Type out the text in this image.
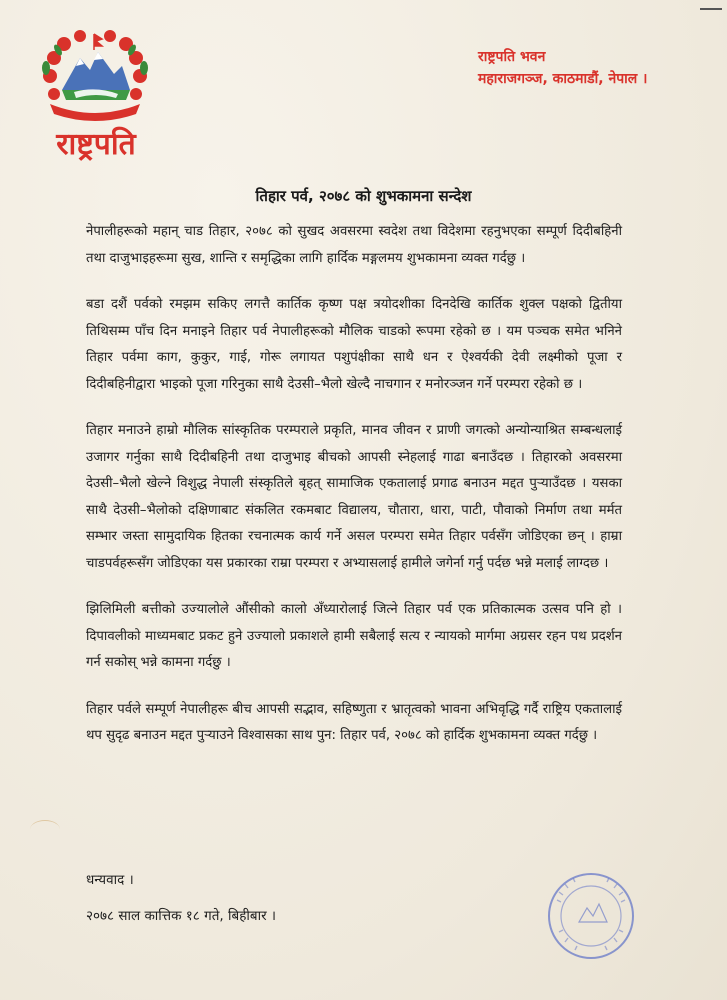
राष्ट्रपति
राष्ट्रपति भवन
महाराजगञ्ज, काठमाडौं, नेपाल ।
तिहार पर्व, २०७८ को शुभकामना सन्देश

नेपालीहरूको महान् चाड तिहार, २०७८ को सुखद अवसरमा स्वदेश तथा विदेशमा रहनुभएका सम्पूर्ण दिदीबहिनी तथा दाजुभाइहरूमा सुख, शान्ति र समृद्धिका लागि हार्दिक मङ्गलमय शुभकामना व्यक्त गर्दछु ।

बडा दशैं पर्वको रमझम सकिए लगत्तै कार्तिक कृष्ण पक्ष त्रयोदशीका दिनदेखि कार्तिक शुक्ल पक्षको द्वितीया तिथिसम्म पाँच दिन मनाइने तिहार पर्व नेपालीहरूको मौलिक चाडको रूपमा रहेको छ । यम पञ्चक समेत भनिने तिहार पर्वमा काग, कुकुर, गाई, गोरू लगायत पशुपंक्षीका साथै धन र ऐश्वर्यकी देवी लक्ष्मीको पूजा र दिदीबहिनीद्वारा भाइको पूजा गरिनुका साथै देउसी–भैलो खेल्दै नाचगान र मनोरञ्जन गर्ने परम्परा रहेको छ ।

तिहार मनाउने हाम्रो मौलिक सांस्कृतिक परम्पराले प्रकृति, मानव जीवन र प्राणी जगत्को अन्योन्याश्रित सम्बन्धलाई उजागर गर्नुका साथै दिदीबहिनी तथा दाजुभाइ बीचको आपसी स्नेहलाई गाढा बनाउँदछ । तिहारको अवसरमा देउसी–भैलो खेल्ने विशुद्ध नेपाली संस्कृतिले बृहत् सामाजिक एकतालाई प्रगाढ बनाउन मद्दत पुऱ्याउँदछ । यसका साथै देउसी–भैलोको दक्षिणाबाट संकलित रकमबाट विद्यालय, चौतारा, धारा, पाटी, पौवाको निर्माण तथा मर्मत सम्भार जस्ता सामुदायिक हितका रचनात्मक कार्य गर्ने असल परम्परा समेत तिहार पर्वसँग जोडिएका छन् । हाम्रा चाडपर्वहरूसँग जोडिएका यस प्रकारका राम्रा परम्परा र अभ्यासलाई हामीले जगेर्ना गर्नु पर्दछ भन्ने मलाई लाग्दछ ।

झिलिमिली बत्तीको उज्यालोले औंसीको कालो अँध्यारोलाई जित्ने तिहार पर्व एक प्रतिकात्मक उत्सव पनि हो । दिपावलीको माध्यमबाट प्रकट हुने उज्यालो प्रकाशले हामी सबैलाई सत्य र न्यायको मार्गमा अग्रसर रहन पथ प्रदर्शन गर्न सकोस् भन्ने कामना गर्दछु ।

तिहार पर्वले सम्पूर्ण नेपालीहरू बीच आपसी सद्भाव, सहिष्णुता र भ्रातृत्वको भावना अभिवृद्धि गर्दै राष्ट्रिय एकतालाई थप सुदृढ बनाउन मद्दत पुऱ्याउने विश्वासका साथ पुन: तिहार पर्व, २०७८ को हार्दिक शुभकामना व्यक्त गर्दछु ।

धन्यवाद ।
२०७८ साल कात्तिक १८ गते, बिहीबार ।
